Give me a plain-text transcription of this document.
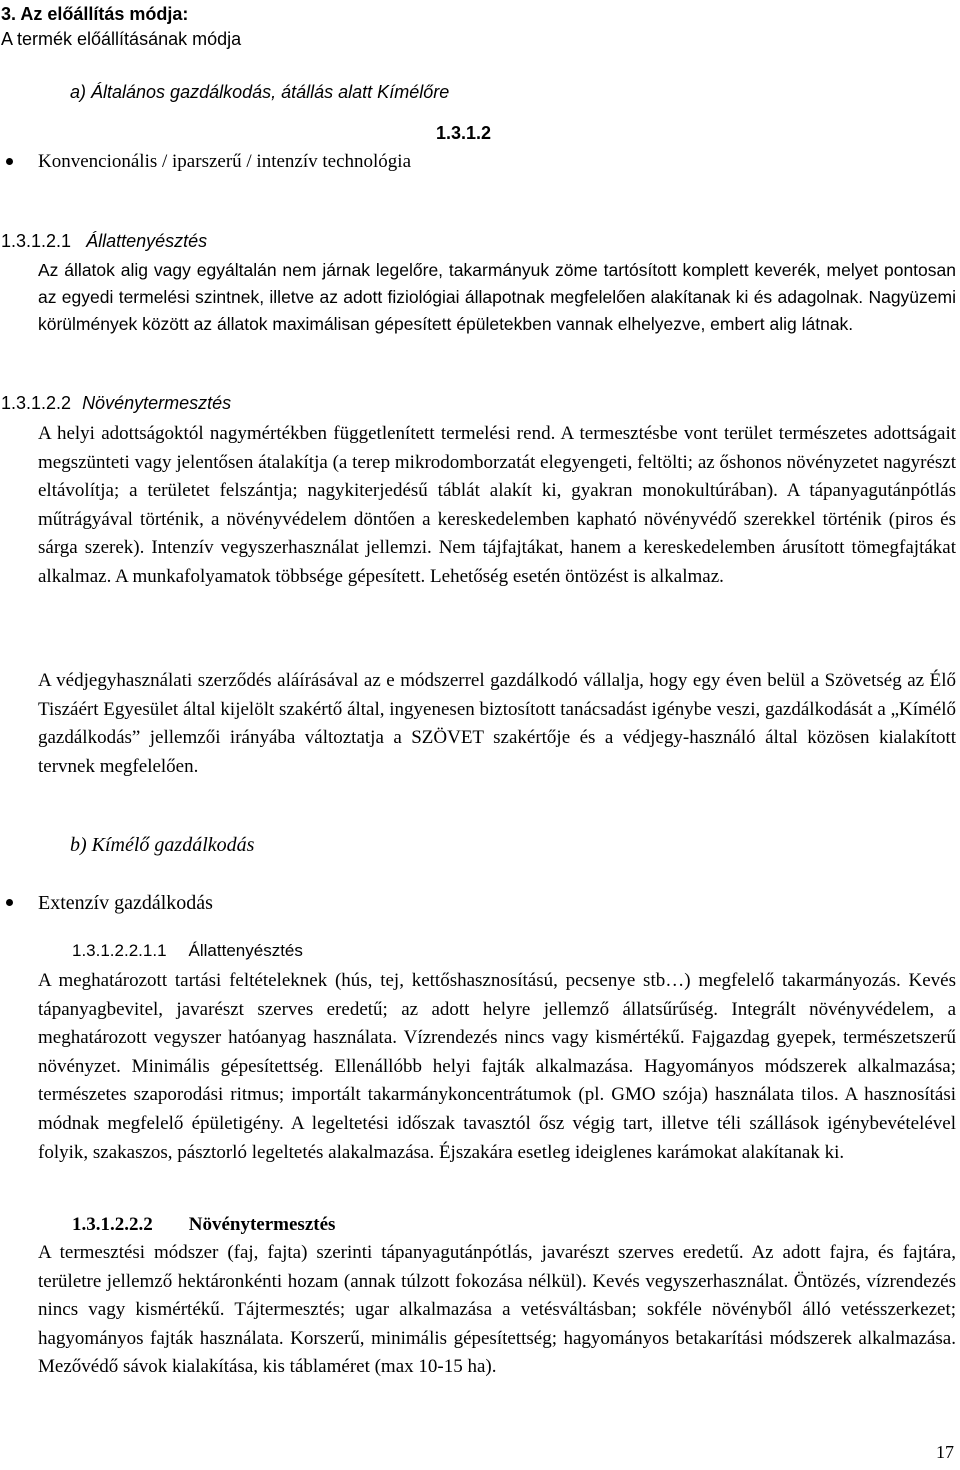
3. Az előállítás módja:
A termék előállításának módja
a) Általános gazdálkodás, átállás alatt Kímélőre
1.3.1.2
Konvencionális / iparszerű / intenzív technológia
1.3.1.2.1 Állattenyésztés

Az állatok alig vagy egyáltalán nem járnak legelőre, takarmányuk zöme tartósított komplett keverék, melyet pontosan az egyedi termelési szintnek, illetve az adott fiziológiai állapotnak megfelelően alakítanak ki és adagolnak. Nagyüzemi körülmények között az állatok maximálisan gépesített épületekben vannak elhelyezve, embert alig látnak.

1.3.1.2.2 Növénytermesztés

A helyi adottságoktól nagymértékben függetlenített termelési rend. A termesztésbe vont terület természetes adottságait megszünteti vagy jelentősen átalakítja (a terep mikrodomborzatát elegyengeti, feltölti; az őshonos növényzetet nagyrészt eltávolítja; a területet felszántja; nagykiterjedésű táblát alakít ki, gyakran monokultúrában). A tápanyagutánpótlás műtrágyával történik, a növényvédelem döntően a kereskedelemben kapható növényvédő szerekkel történik (piros és sárga szerek). Intenzív vegyszerhasználat jellemzi. Nem tájfajtákat, hanem a kereskedelemben árusított tömegfajtákat alkalmaz. A munkafolyamatok többsége gépesített. Lehetőség esetén öntözést is alkalmaz.

A védjegyhasználati szerződés aláírásával az e módszerrel gazdálkodó vállalja, hogy egy éven belül a Szövetség az Élő Tiszáért Egyesület által kijelölt szakértő által, ingyenesen biztosított tanácsadást igénybe veszi, gazdálkodását a „Kímélő gazdálkodás” jellemzői irányába változtatja a SZÖVET szakértője és a védjegy-használó által közösen kialakított tervnek megfelelően.

b) Kímélő gazdálkodás
Extenzív gazdálkodás
1.3.1.2.2.1.1 Állattenyésztés

A meghatározott tartási feltételeknek (hús, tej, kettőshasznosítású, pecsenye stb…) megfelelő takarmányozás. Kevés tápanyagbevitel, javarészt szerves eredetű; az adott helyre jellemző állatsűrűség. Integrált növényvédelem, a meghatározott vegyszer hatóanyag használata. Vízrendezés nincs vagy kismértékű. Fajgazdag gyepek, természetszerű növényzet. Minimális gépesítettség. Ellenállóbb helyi fajták alkalmazása. Hagyományos módszerek alkalmazása; természetes szaporodási ritmus; importált takarmánykoncentrátumok (pl. GMO szója) használata tilos. A hasznosítási módnak megfelelő épületigény. A legeltetési időszak tavasztól ősz végig tart, illetve téli szállások igénybevételével folyik, szakaszos, pásztorló legeltetés alakalmazása. Éjszakára esetleg ideiglenes karámokat alakítanak ki.

1.3.1.2.2.2 Növénytermesztés

A termesztési módszer (faj, fajta) szerinti tápanyagutánpótlás, javarészt szerves eredetű. Az adott fajra, és fajtára, területre jellemző hektáronkénti hozam (annak túlzott fokozása nélkül). Kevés vegyszerhasználat. Öntözés, vízrendezés nincs vagy kismértékű. Tájtermesztés; ugar alkalmazása a vetésváltásban; sokféle növényből álló vetésszerkezet; hagyományos fajták használata. Korszerű, minimális gépesítettség; hagyományos betakarítási módszerek alkalmazása. Mezővédő sávok kialakítása, kis táblaméret (max 10-15 ha).

17
